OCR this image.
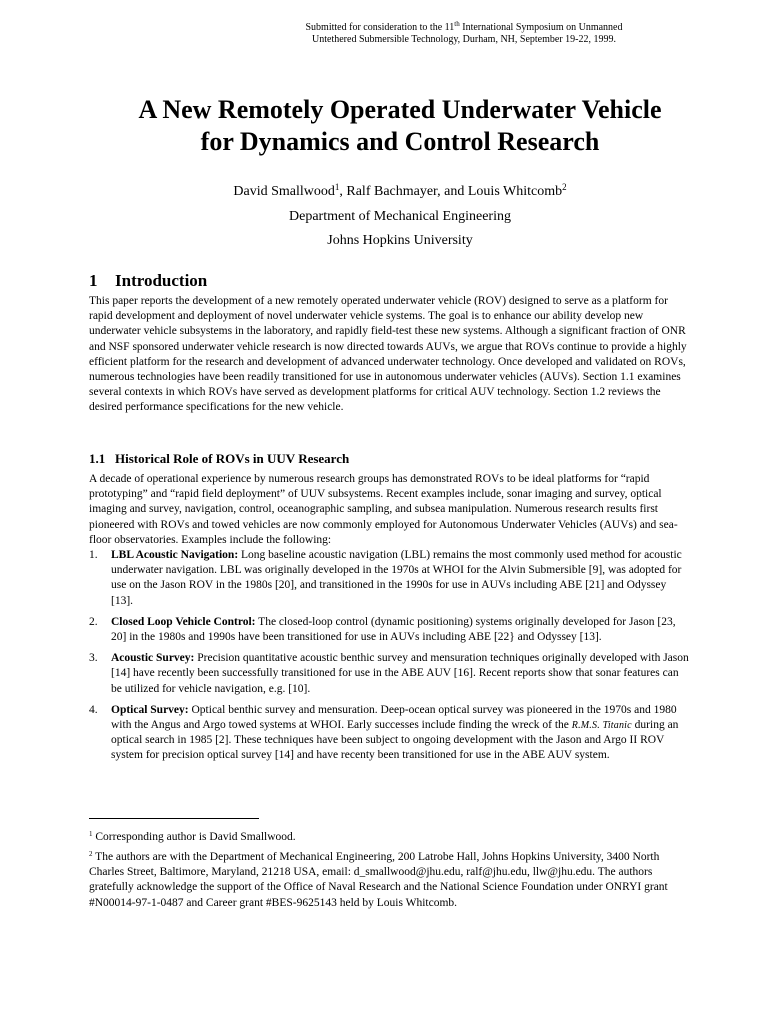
Submitted for consideration to the 11th International Symposium on Unmanned
Untethered Submersible Technology, Durham, NH, September 19-22, 1999.
A New Remotely Operated Underwater Vehicle
for Dynamics and Control Research
David Smallwood$^1$, Ralf Bachmayer, and Louis Whitcomb$^2$
Department of Mechanical Engineering
Johns Hopkins University
1 Introduction

This paper reports the development of a new remotely operated underwater vehicle (ROV) designed to serve as a platform for rapid development and deployment of novel underwater vehicle systems. The goal is to enhance our ability develop new underwater vehicle subsystems in the laboratory, and rapidly field-test these new systems. Although a significant fraction of ONR and NSF sponsored underwater vehicle research is now directed towards AUVs, we argue that ROVs continue to provide a highly efficient platform for the research and development of advanced underwater technology. Once developed and validated on ROVs, numerous technologies have been readily transitioned for use in autonomous underwater vehicles (AUVs). Section 1.1 examines several contexts in which ROVs have served as development platforms for critical AUV technology. Section 1.2 reviews the desired performance specifications for the new vehicle.

1.1 Historical Role of ROVs in UUV Research

A decade of operational experience by numerous research groups has demonstrated ROVs to be ideal platforms for “rapid prototyping” and “rapid field deployment” of UUV subsystems. Recent examples include, sonar imaging and survey, optical imaging and survey, navigation, control, oceanographic sampling, and subsea manipulation. Numerous research results first pioneered with ROVs and towed vehicles are now commonly employed for Autonomous Underwater Vehicles (AUVs) and sea-floor observatories. Examples include the following:

1. LBL Acoustic Navigation: Long baseline acoustic navigation (LBL) remains the most commonly used method for acoustic underwater navigation. LBL was originally developed in the 1970s at WHOI for the Alvin Submersible [9], was adopted for use on the Jason ROV in the 1980s [20], and transitioned in the 1990s for use in AUVs including ABE [21] and Odyssey [13].
2. Closed Loop Vehicle Control: The closed-loop control (dynamic positioning) systems originally developed for Jason [23, 20] in the 1980s and 1990s have been transitioned for use in AUVs including ABE [22} and Odyssey [13].
3. Acoustic Survey: Precision quantitative acoustic benthic survey and mensuration techniques originally developed with Jason [14] have recently been successfully transitioned for use in the ABE AUV [16]. Recent reports show that sonar features can be utilized for vehicle navigation, e.g. [10].
4. Optical Survey: Optical benthic survey and mensuration. Deep-ocean optical survey was pioneered in the 1970s and 1980 with the Angus and Argo towed systems at WHOI. Early successes include finding the wreck of the R.M.S. Titanic during an optical search in 1985 [2]. These techniques have been subject to ongoing development with the Jason and Argo II ROV system for precision optical survey [14] and have recenty been transitioned for use in the ABE AUV system.

$^1$ Corresponding author is David Smallwood.

$^2$ The authors are with the Department of Mechanical Engineering, 200 Latrobe Hall, Johns Hopkins University, 3400 North Charles Street, Baltimore, Maryland, 21218 USA, email: d_smallwood@jhu.edu, ralf@jhu.edu, llw@jhu.edu. The authors gratefully acknowledge the support of the Office of Naval Research and the National Science Foundation under ONRYI grant #N00014-97-1-0487 and Career grant #BES-9625143 held by Louis Whitcomb.
